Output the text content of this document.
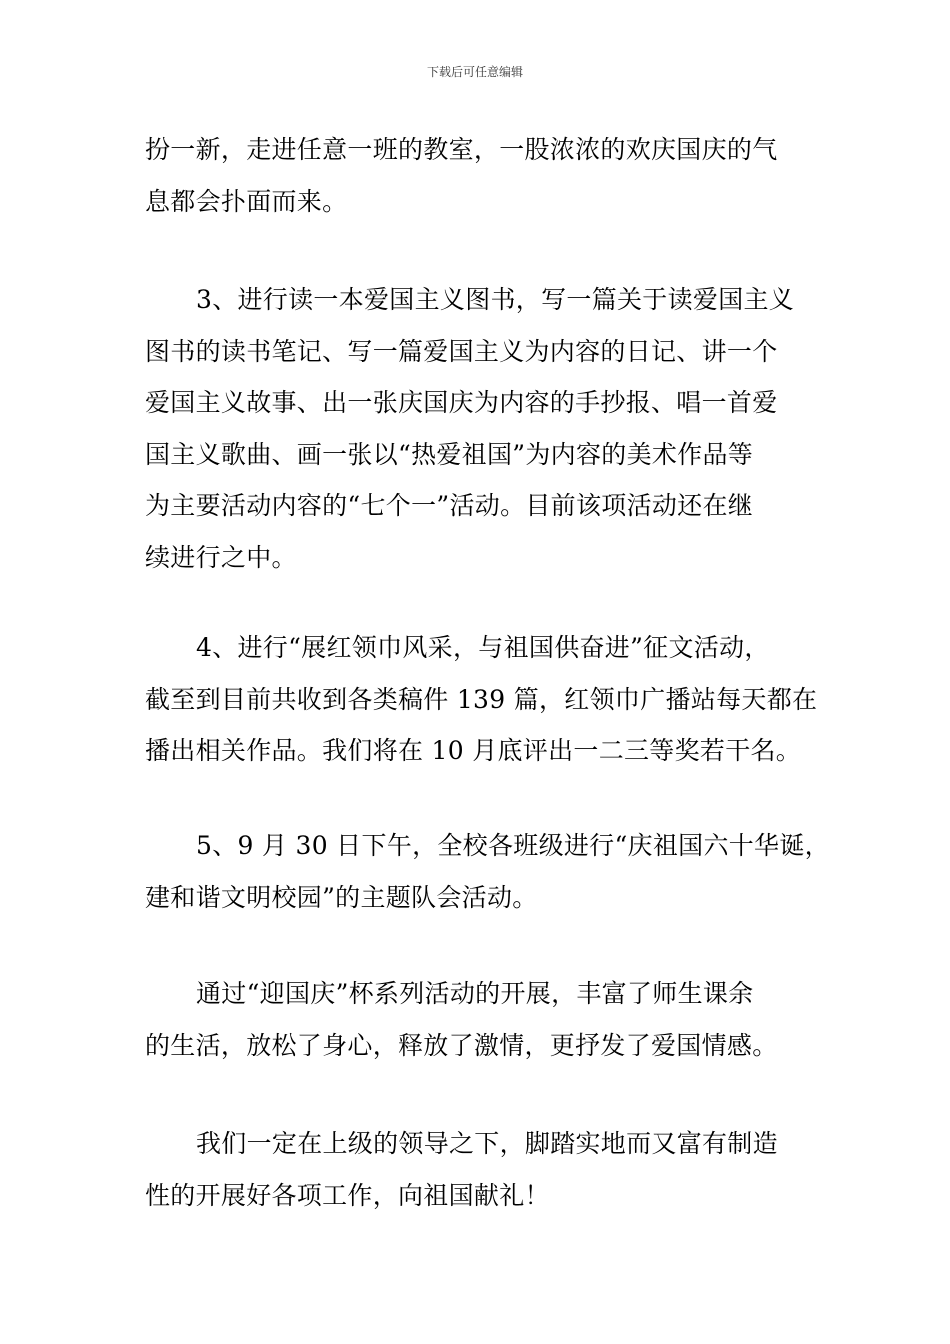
下载后可任意编辑
扮一新，走进任意一班的教室，一股浓浓的欢庆国庆的气
息都会扑面而来。
3、进行读一本爱国主义图书，写一篇关于读爱国主义
图书的读书笔记、写一篇爱国主义为内容的日记、讲一个
爱国主义故事、出一张庆国庆为内容的手抄报、唱一首爱
国主义歌曲、画一张以“热爱祖国”为内容的美术作品等
为主要活动内容的“七个一”活动。目前该项活动还在继
续进行之中。
4、进行“展红领巾风采，与祖国供奋进”征文活动，
截至到目前共收到各类稿件 139 篇，红领巾广播站每天都在
播出相关作品。我们将在 10 月底评出一二三等奖若干名。
5、9 月 30 日下午，全校各班级进行“庆祖国六十华诞，
建和谐文明校园”的主题队会活动。
通过“迎国庆”杯系列活动的开展，丰富了师生课余
的生活，放松了身心，释放了激情，更抒发了爱国情感。
我们一定在上级的领导之下，脚踏实地而又富有制造
性的开展好各项工作，向祖国献礼！
